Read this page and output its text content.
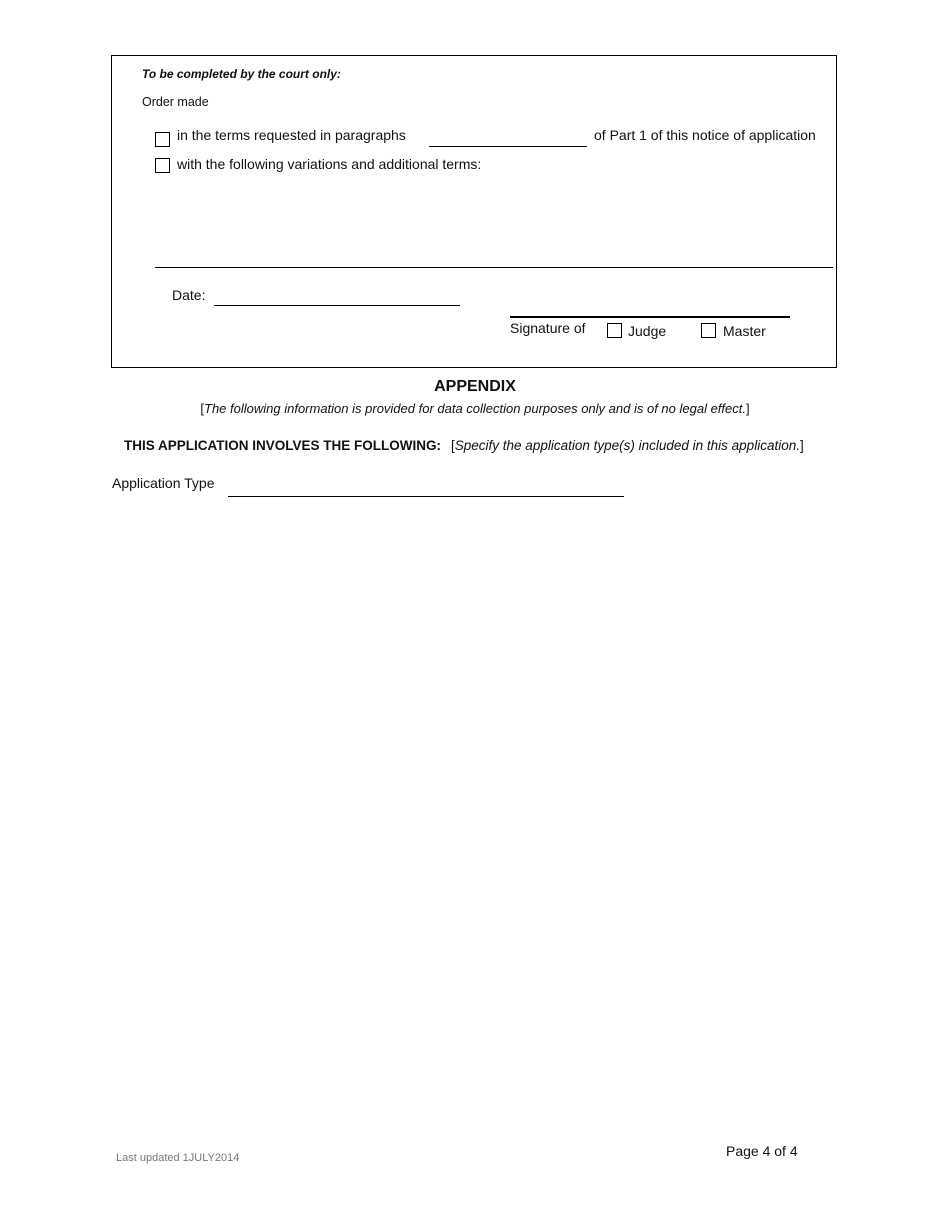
To be completed by the court only:
Order made
in the terms requested in paragraphs	of Part 1 of this notice of application
with the following variations and additional terms:
Date:
Signature of	Judge	Master
APPENDIX
[The following information is provided for data collection purposes only and is of no legal effect.]
THIS APPLICATION INVOLVES THE FOLLOWING: [Specify the application type(s) included in this application.]
Application Type
Last updated 1JULY2014	Page 4 of 4
